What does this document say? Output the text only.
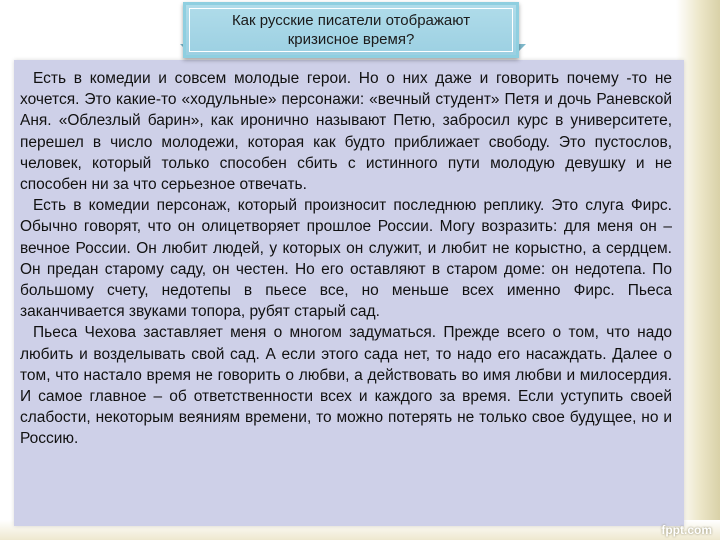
Есть в комедии и совсем молодые герои. Но о них даже и говорить почему -то не хочется. Это какие-то «ходульные» персонажи: «вечный студент» Петя и дочь Раневской Аня. «Облезлый барин», как иронично называют Петю, забросил курс в университете, перешел в число молодежи, которая как будто приближает свободу. Это пустослов, человек, который только способен сбить с истинного пути молодую девушку и не способен ни за что серьезное отвечать.

Есть в комедии персонаж, который произносит последнюю реплику. Это слуга Фирс. Обычно говорят, что он олицетворяет прошлое России. Могу возразить: для меня он – вечное России. Он любит людей, у которых он служит, и любит не корыстно, а сердцем. Он предан старому саду, он честен. Но его оставляют в старом доме: он недотепа. По большому счету, недотепы в пьесе все, но меньше всех именно Фирс. Пьеса заканчивается звуками топора, рубят старый сад.

Пьеса Чехова заставляет меня о многом задуматься. Прежде всего о том, что надо любить и возделывать свой сад. А если этого сада нет, то надо его насаждать. Далее о том, что настало время не говорить о любви, а действовать во имя любви и милосердия. И самое главное – об ответственности всех и каждого за время. Если уступить своей слабости, некоторым веяниям времени, то можно потерять не только свое будущее, но и Россию.

Как русские писатели отображают
кризисное время?
fppt.com
